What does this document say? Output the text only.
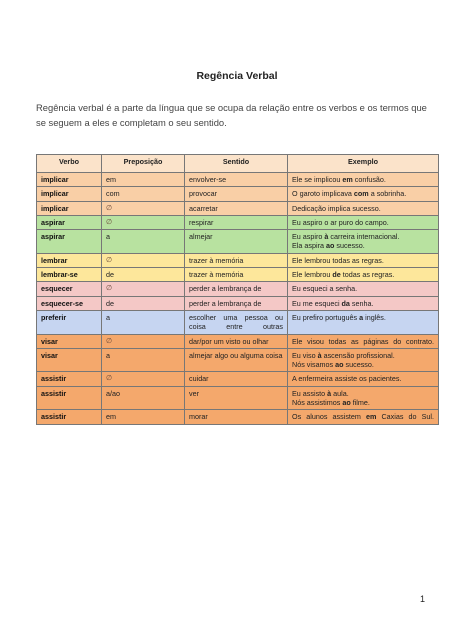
Regência Verbal
Regência verbal é a parte da língua que se ocupa da relação entre os verbos e os termos que se seguem a eles e completam o seu sentido.
Verbo	Preposição	Sentido	Exemplo
implicar	em	envolver-se	Ele se implicou em confusão.
implicar	com	provocar	O garoto implicava com a sobrinha.
implicar	∅	acarretar	Dedicação implica sucesso.
aspirar	∅	respirar	Eu aspiro o ar puro do campo.
aspirar	a	almejar	Eu aspiro à carreira internacional.
Ela aspira ao sucesso.
lembrar	∅	trazer à memória	Ele lembrou todas as regras.
lembrar-se	de	trazer à memória	Ele lembrou de todas as regras.
esquecer	∅	perder a lembrança de	Eu esqueci a senha.
esquecer-se	de	perder a lembrança de	Eu me esqueci da senha.
preferir	a	escolher uma pessoa ou coisa entre outras	Eu prefiro português a inglês.
visar	∅	dar/por um visto ou olhar	Ele visou todas as páginas do contrato.
visar	a	almejar algo ou alguma coisa	Eu viso à ascensão profissional.
Nós visamos ao sucesso.
assistir	∅	cuidar	A enfermeira assiste os pacientes.
assistir	a/ao	ver	Eu assisto à aula.
Nós assistimos ao filme.
assistir	em	morar	Os alunos assistem em Caxias do Sul.
1
